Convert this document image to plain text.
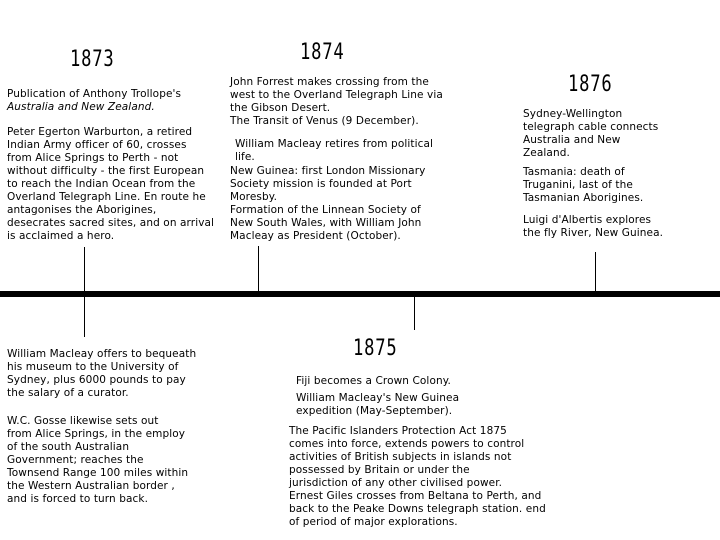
1873
Publication of Anthony Trollope's
Australia and New Zealand.
Peter Egerton Warburton, a retired
Indian Army officer of 60, crosses
from Alice Springs to Perth - not
without difficulty - the first European
to reach the Indian Ocean from the
Overland Telegraph Line. En route he
antagonises the Aborigines,
desecrates sacred sites, and on arrival
is acclaimed a hero.
William Macleay offers to bequeath
his museum to the University of
Sydney, plus 6000 pounds to pay
the salary of a curator.
W.C. Gosse likewise sets out
from Alice Springs, in the employ
of the south Australian
Government; reaches the
Townsend Range 100 miles within
the Western Australian border ,
and is forced to turn back.
1874
John Forrest makes crossing from the
west to the Overland Telegraph Line via
the Gibson Desert.
The Transit of Venus (9 December).
William Macleay retires from political
life.
New Guinea: first London Missionary
Society mission is founded at Port
Moresby.
Formation of the Linnean Society of
New South Wales, with William John
Macleay as President (October).
1875
Fiji becomes a Crown Colony.
William Macleay's New Guinea
expedition (May-September).
The Pacific Islanders Protection Act 1875
comes into force, extends powers to control
activities of British subjects in islands not
possessed by Britain or under the
jurisdiction of any other civilised power.
Ernest Giles crosses from Beltana to Perth, and
back to the Peake Downs telegraph station. end
of period of major explorations.
1876
Sydney-Wellington
telegraph cable connects
Australia and New
Zealand.
Tasmania: death of
Truganini, last of the
Tasmanian Aborigines.
Luigi d'Albertis explores
the fly River, New Guinea.
